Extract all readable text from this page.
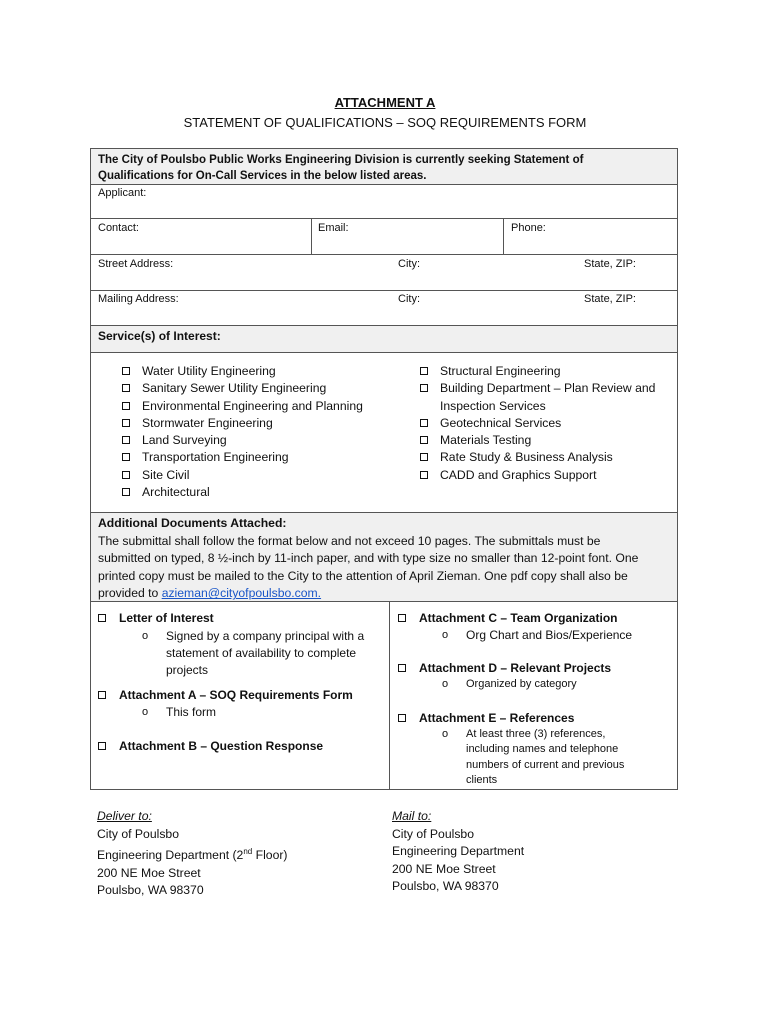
ATTACHMENT A
STATEMENT OF QUALIFICATIONS – SOQ REQUIREMENTS FORM
The City of Poulsbo Public Works Engineering Division is currently seeking Statement of
Qualifications for On-Call Services in the below listed areas.
Applicant:
Contact:	Email:	Phone:
Street Address:	City:	State, ZIP:
Mailing Address:	City:	State, ZIP:
Service(s) of Interest:
Water Utility Engineering
Sanitary Sewer Utility Engineering
Environmental Engineering and Planning
Stormwater Engineering
Land Surveying
Transportation Engineering
Site Civil
Architectural
Structural Engineering
Building Department – Plan Review and Inspection Services
Geotechnical Services
Materials Testing
Rate Study & Business Analysis
CADD and Graphics Support
Additional Documents Attached:
The submittal shall follow the format below and not exceed 10 pages. The submittals must be
submitted on typed, 8 ½-inch by 11-inch paper, and with type size no smaller than 12-point font. One
printed copy must be mailed to the City to the attention of April Zieman. One pdf copy shall also be
provided to azieman@cityofpoulsbo.com.
Letter of Interest
o	Signed by a company principal with a statement of availability to complete projects
Attachment A – SOQ Requirements Form
o	This form
Attachment B – Question Response
Attachment C – Team Organization
o	Org Chart and Bios/Experience
Attachment D – Relevant Projects
o	Organized by category
Attachment E – References
o	At least three (3) references, including names and telephone numbers of current and previous clients
Deliver to:
City of Poulsbo
Engineering Department (2nd Floor)
200 NE Moe Street
Poulsbo, WA 98370
Mail to:
City of Poulsbo
Engineering Department
200 NE Moe Street
Poulsbo, WA 98370
